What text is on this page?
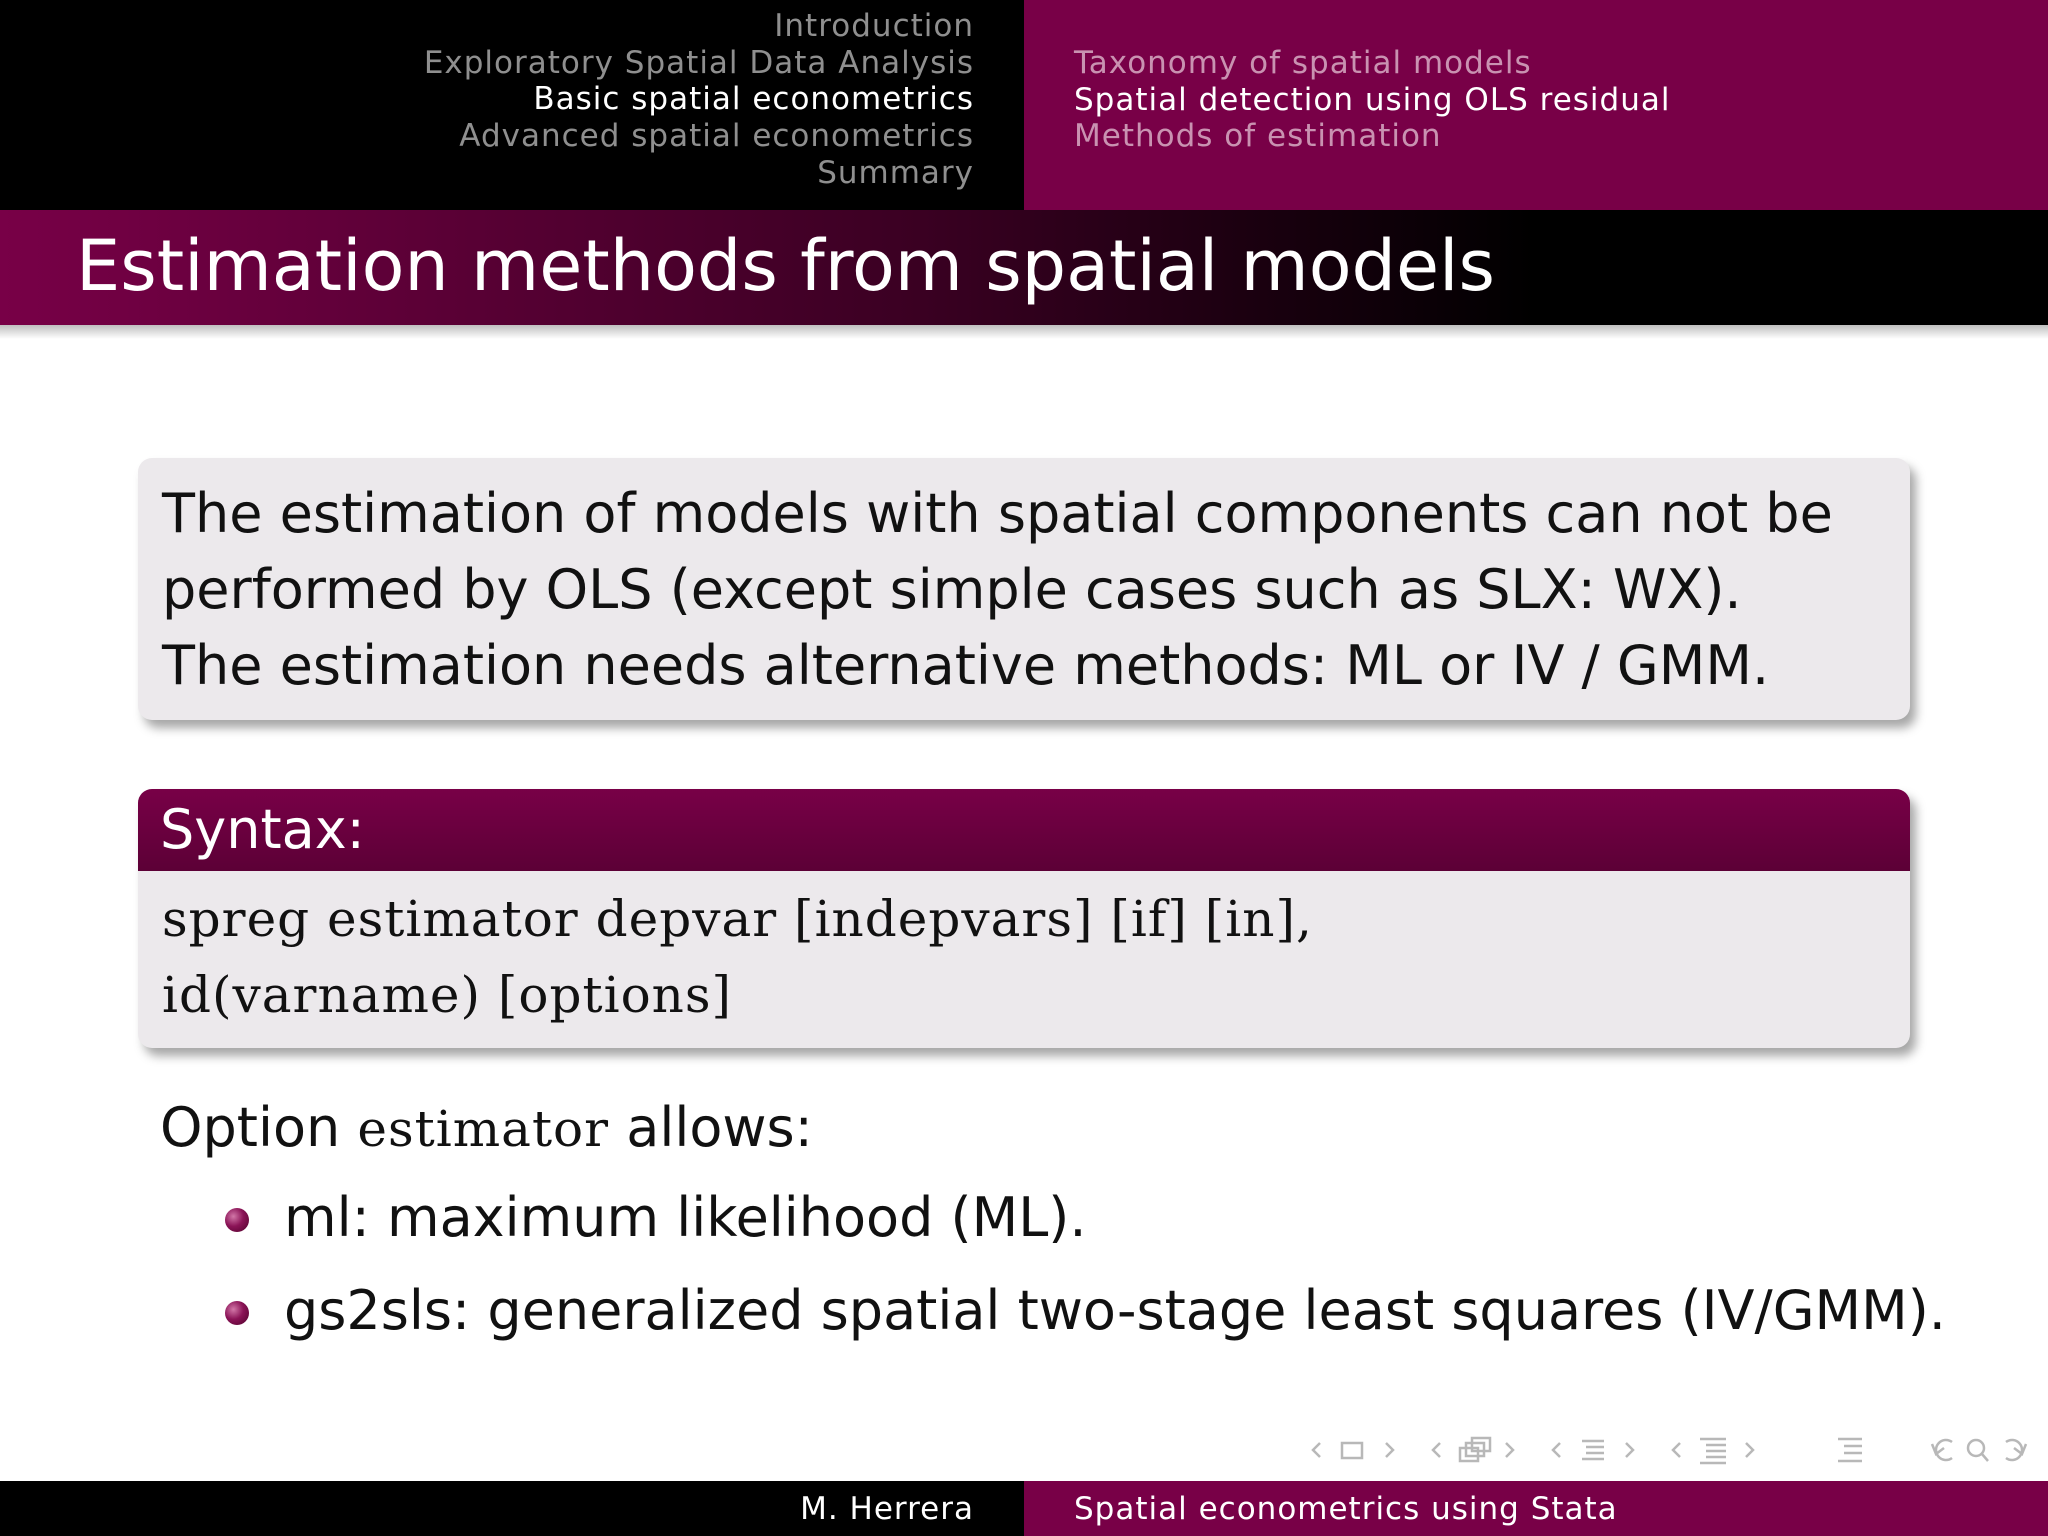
Introduction
Exploratory Spatial Data Analysis
Basic spatial econometrics
Advanced spatial econometrics
Summary
Taxonomy of spatial models
Spatial detection using OLS residual
Methods of estimation
Estimation methods from spatial models
The estimation of models with spatial components can not be
performed by OLS (except simple cases such as SLX: WX).
The estimation needs alternative methods: ML or IV / GMM.
Syntax:
spreg estimator depvar [indepvars] [if] [in],
id(varname) [options]
Option estimator allows:
ml: maximum likelihood (ML).
gs2sls: generalized spatial two-stage least squares (IV/GMM).
M. Herrera	Spatial econometrics using Stata
